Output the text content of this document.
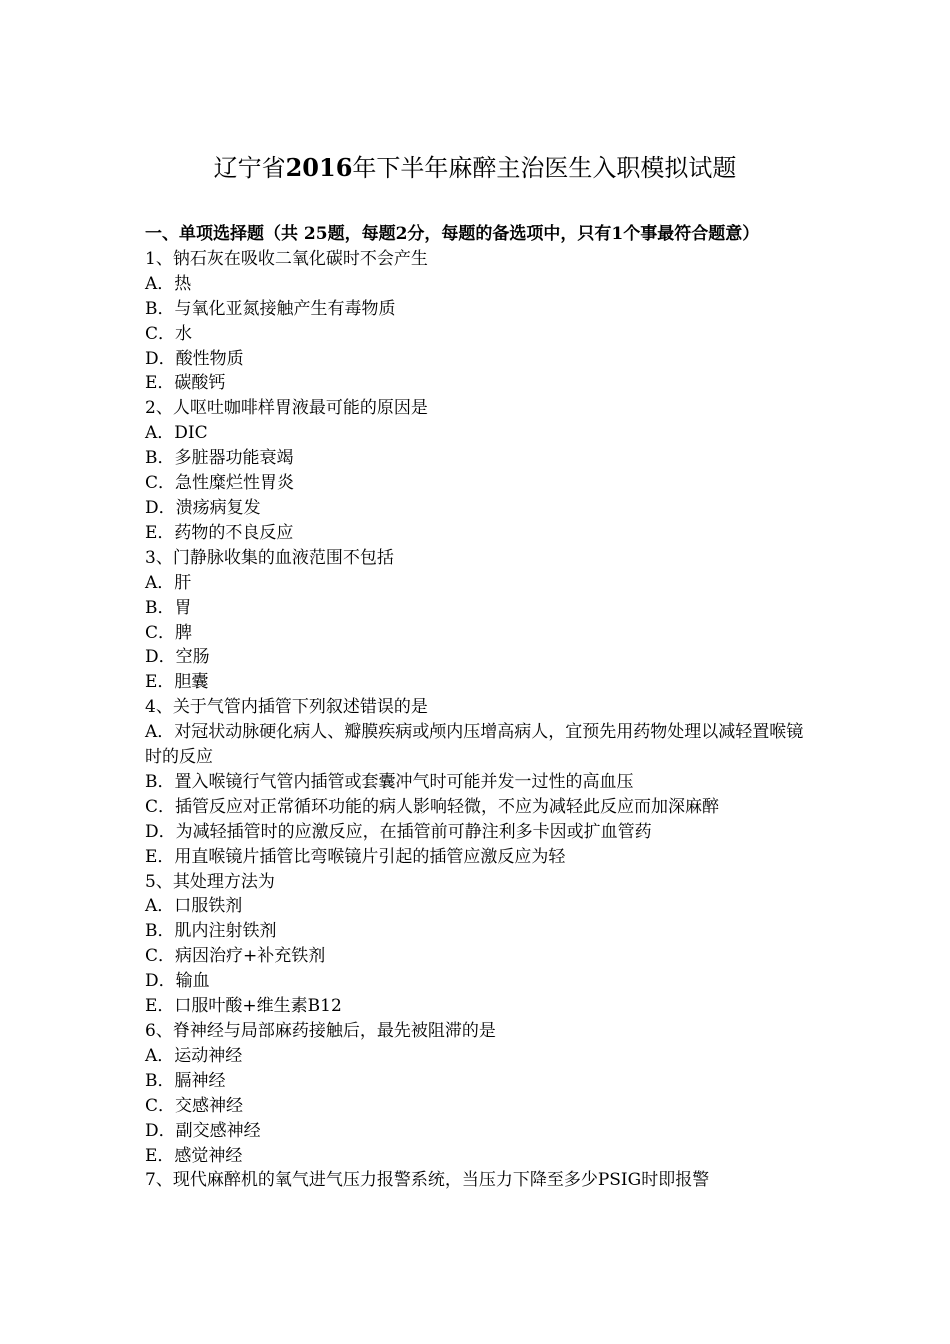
辽宁省2016年下半年麻醉主治医生入职模拟试题

一、单项选择题（共 25题，每题2分，每题的备选项中，只有1个事最符合题意）

1、钠石灰在吸收二氧化碳时不会产生

A．热

B．与氧化亚氮接触产生有毒物质

C．水

D．酸性物质

E．碳酸钙

2、人呕吐咖啡样胃液最可能的原因是

A．DIC

B．多脏器功能衰竭

C．急性糜烂性胃炎

D．溃疡病复发

E．药物的不良反应

3、门静脉收集的血液范围不包括

A．肝

B．胃

C．脾

D．空肠

E．胆囊

4、关于气管内插管下列叙述错误的是

A．对冠状动脉硬化病人、瓣膜疾病或颅内压增高病人，宜预先用药物处理以减轻置喉镜时的反应

B．置入喉镜行气管内插管或套囊冲气时可能并发一过性的高血压

C．插管反应对正常循环功能的病人影响轻微，不应为减轻此反应而加深麻醉

D．为减轻插管时的应激反应，在插管前可静注利多卡因或扩血管药

E．用直喉镜片插管比弯喉镜片引起的插管应激反应为轻

5、其处理方法为

A．口服铁剂

B．肌内注射铁剂

C．病因治疗+补充铁剂

D．输血

E．口服叶酸+维生素B12

6、脊神经与局部麻药接触后，最先被阻滞的是

A．运动神经

B．膈神经

C．交感神经

D．副交感神经

E．感觉神经

7、现代麻醉机的氧气进气压力报警系统，当压力下降至多少PSIG时即报警
